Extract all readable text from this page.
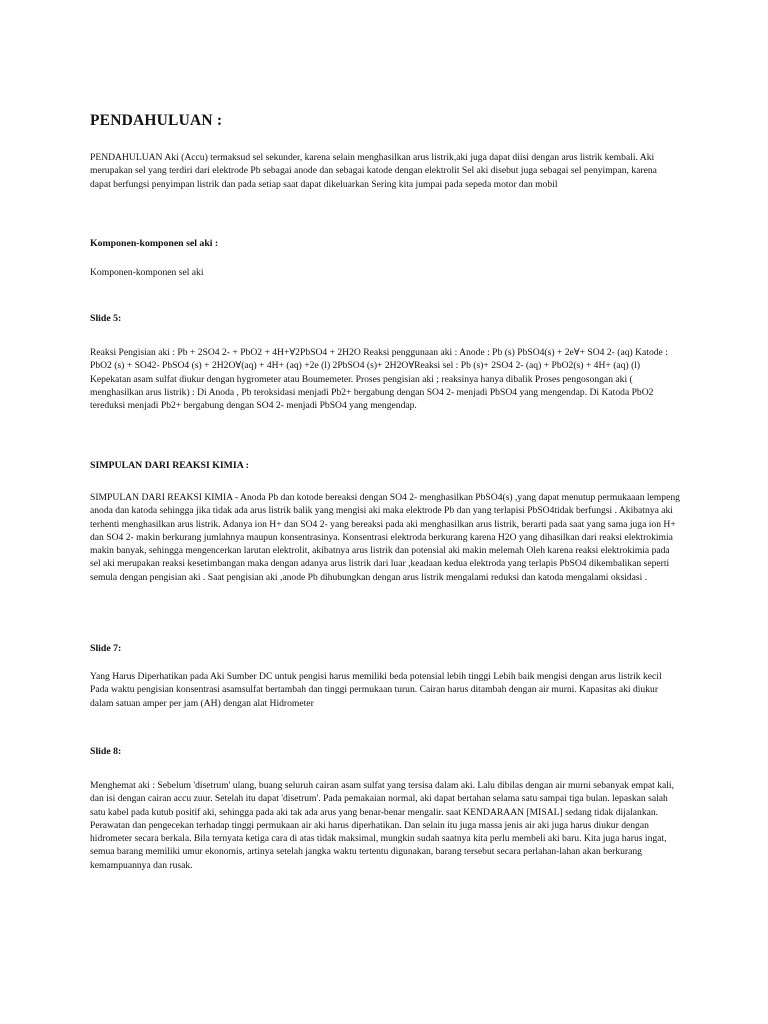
PENDAHULUAN :

PENDAHULUAN Aki (Accu) termaksud sel sekunder, karena selain menghasilkan arus listrik,aki juga dapat diisi dengan arus listrik kembali. Aki merupakan sel yang terdiri dari elektrode Pb sebagai anode dan sebagai katode dengan elektrolit Sel aki disebut juga sebagai sel penyimpan, karena dapat berfungsi penyimpan listrik dan pada setiap saat dapat dikeluarkan Sering kita jumpai pada sepeda motor dan mobil

Komponen-komponen sel aki :

Komponen-komponen sel aki

Slide 5:

Reaksi Pengisian aki : Pb + 2SO4 2- + PbO2 + 4H+∀2PbSO4 + 2H2O Reaksi penggunaan aki : Anode : Pb (s) PbSO4(s) + 2e∀+ SO4 2- (aq) Katode : PbO2 (s) + SO42- PbSO4 (s) + 2H2O∀(aq) + 4H+ (aq) +2e (l) 2PbSO4 (s)+ 2H2O∀Reaksi sel : Pb (s)+ 2SO4 2- (aq) + PbO2(s) + 4H+ (aq) (l) Kepekatan asam sulfat diukur dengan hygrometer atau Boumemeter. Proses pengisian aki ; reaksinya hanya dibalik Proses pengosongan aki ( menghasilkan arus listrik) : Di Anoda , Pb teroksidasi menjadi Pb2+ bergabung dengan SO4 2- menjadi PbSO4 yang mengendap. Di Katoda PbO2 tereduksi menjadi Pb2+ bergabung dengan SO4 2- menjadi PbSO4 yang mengendap.

SIMPULAN DARI REAKSI KIMIA :

SIMPULAN DARI REAKSI KIMIA - Anoda Pb dan kotode bereaksi dengan SO4 2- menghasilkan PbSO4(s) ,yang dapat menutup permukaaan lempeng anoda dan katoda sehingga jika tidak ada arus listrik balik yang mengisi aki maka elektrode Pb dan yang terlapisi PbSO4tidak berfungsi . Akibatnya aki terhenti menghasilkan arus listrik. Adanya ion H+ dan SO4 2- yang bereaksi pada aki menghasilkan arus listrik, berarti pada saat yang sama juga ion H+ dan SO4 2- makin berkurang jumlahnya maupun konsentrasinya. Konsentrasi elektroda berkurang karena H2O yang dihasilkan dari reaksi elektrokimia makin banyak, sehingga mengencerkan larutan elektrolit, akibatnya arus listrik dan potensial aki makin melemah Oleh karena reaksi elektrokimia pada sel aki merupakan reaksi kesetimbangan maka dengan adanya arus listrik dari luar ,keadaan kedua elektroda yang terlapis PbSO4 dikembalikan seperti semula dengan pengisian aki . Saat pengisian aki ,anode Pb dihubungkan dengan arus listrik mengalami reduksi dan katoda mengalami oksidasi .

Slide 7:

Yang Harus Diperhatikan pada Aki Sumber DC untuk pengisi harus memiliki beda potensial lebih tinggi Lebih baik mengisi dengan arus listrik kecil Pada waktu pengisian konsentrasi asamsulfat bertambah dan tinggi permukaan turun. Cairan harus ditambah dengan air murni. Kapasitas aki diukur dalam satuan amper per jam (AH) dengan alat Hidrometer

Slide 8:

Menghemat aki : Sebelum 'disetrum' ulang, buang seluruh cairan asam sulfat yang tersisa dalam aki. Lalu dibilas dengan air murni sebanyak empat kali, dan isi dengan cairan accu zuur. Setelah itu dapat 'disetrum'. Pada pemakaian normal, aki dapat bertahan selama satu sampai tiga bulan. lepaskan salah satu kabel pada kutub positif aki, sehingga pada aki tak ada arus yang benar-benar mengalir. saat KENDARAAN [MISAL] sedang tidak dijalankan. Perawatan dan pengecekan terhadap tinggi permukaan air aki harus diperhatikan. Dan selain itu juga massa jenis air aki juga harus diukur dengan hidrometer secara berkala. Bila ternyata ketiga cara di atas tidak maksimal, mungkin sudah saatnya kita perlu membeli aki baru. Kita juga harus ingat, semua barang memiliki umur ekonomis, artinya setelah jangka waktu tertentu digunakan, barang tersebut secara perlahan-lahan akan berkurang kemampuannya dan rusak.
